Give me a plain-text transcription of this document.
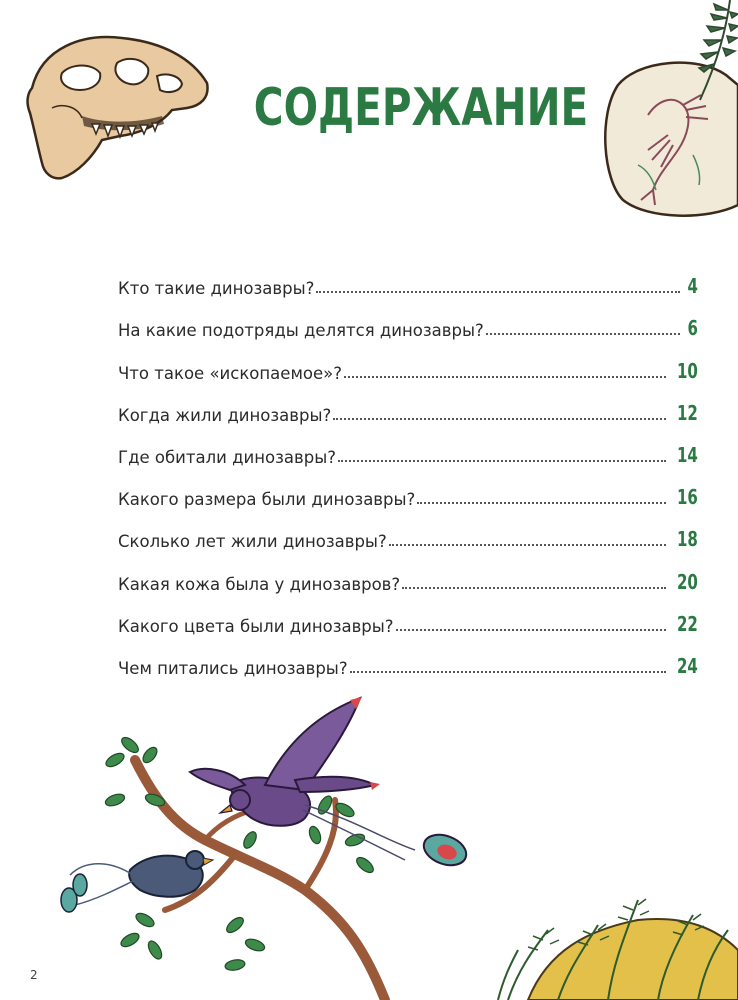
СОДЕРЖАНИЕ
Кто такие динозавры?	4
На какие подотряды делятся динозавры?	6
Что такое «ископаемое»?	10
Когда жили динозавры?	12
Где обитали динозавры?	14
Какого размера были динозавры?	16
Сколько лет жили динозавры?	18
Какая кожа была у динозавров?	20
Какого цвета были динозавры?	22
Чем питались динозавры?	24
2
